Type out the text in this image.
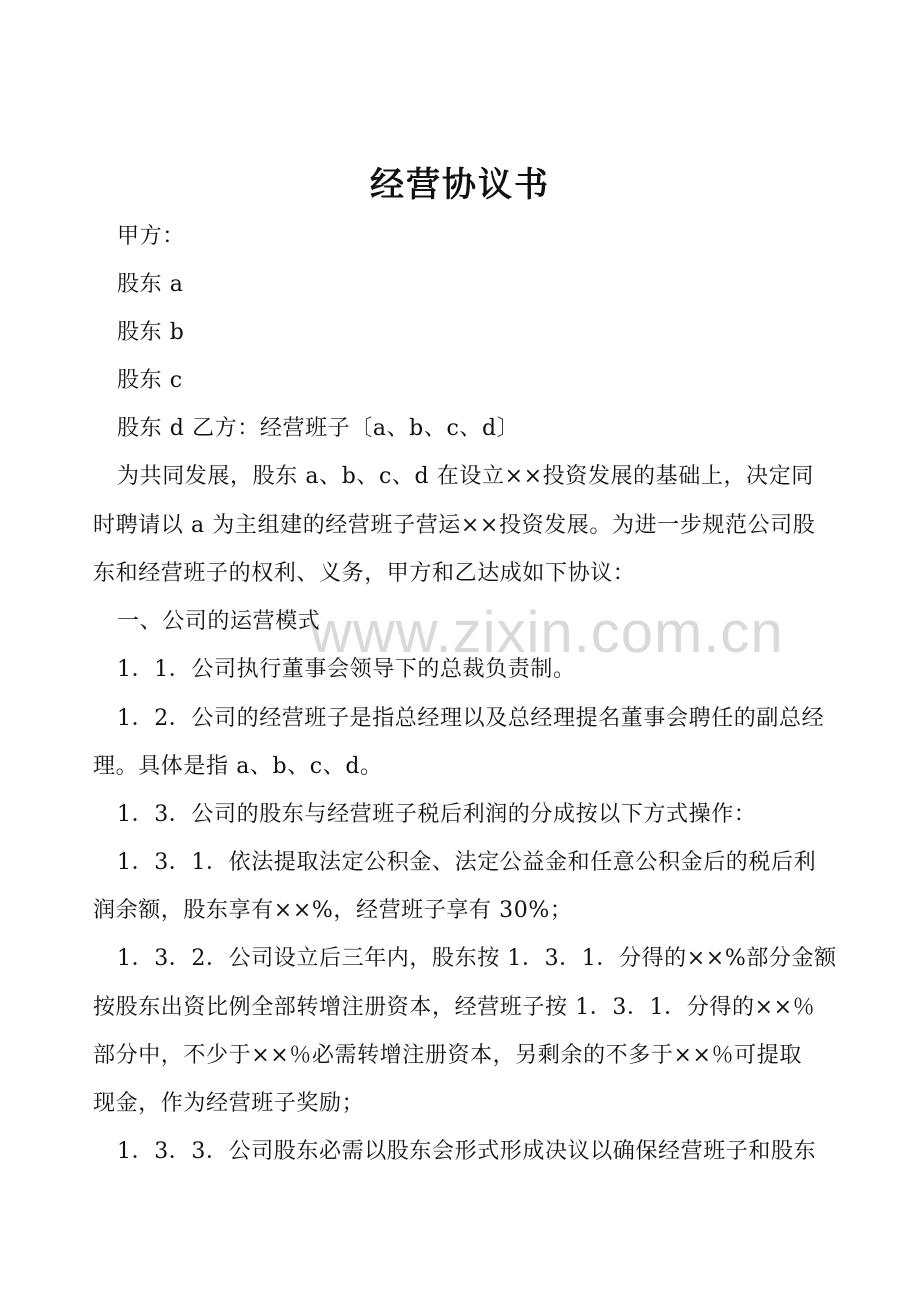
www.zixin.com.cn
经营协议书
甲方：
股东 a
股东 b
股东 c
股东 d 乙方：经营班子〔a、b、c、d〕
为共同发展，股东 a、b、c、d 在设立××投资发展的基础上，决定同
时聘请以 a 为主组建的经营班子营运××投资发展。为进一步规范公司股
东和经营班子的权利、义务，甲方和乙达成如下协议：
一、公司的运营模式
1．1．公司执行董事会领导下的总裁负责制。
1．2．公司的经营班子是指总经理以及总经理提名董事会聘任的副总经
理。具体是指 a、b、c、d。
1．3．公司的股东与经营班子税后利润的分成按以下方式操作：
1．3．1．依法提取法定公积金、法定公益金和任意公积金后的税后利
润余额，股东享有××%，经营班子享有 30%；
1．3．2．公司设立后三年内，股东按 1．3．1．分得的××%部分金额
按股东出资比例全部转增注册资本，经营班子按 1．3．1．分得的××％
部分中，不少于××％必需转增注册资本，另剩余的不多于××％可提取
现金，作为经营班子奖励；
1．3．3．公司股东必需以股东会形式形成决议以确保经营班子和股东
